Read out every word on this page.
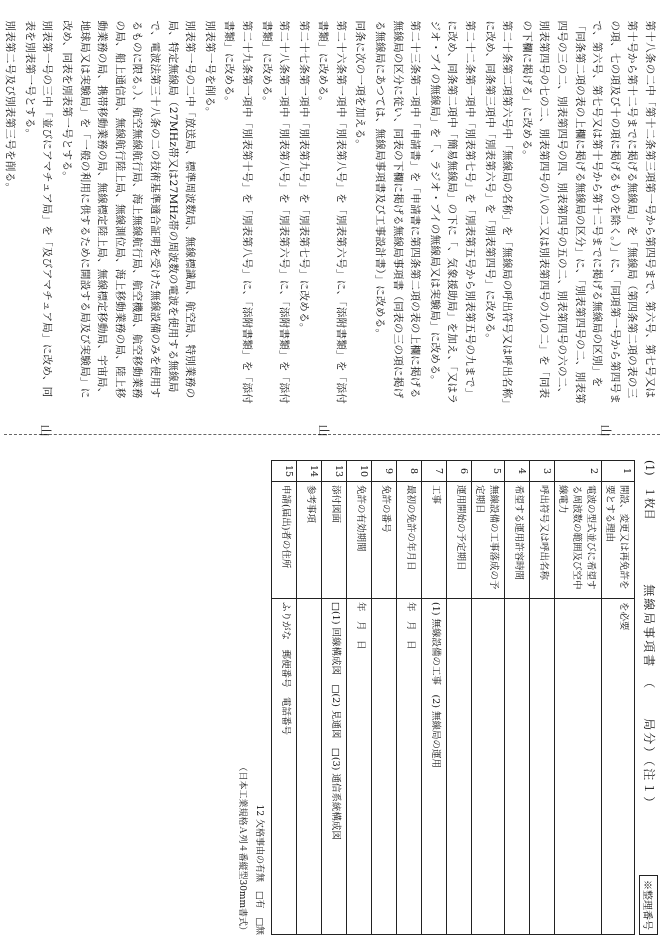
第十八条の二中「第十二条第三項第一号から第四号まで、第六号、第七号又は第十号から第十二号までに掲げる無線局」を「無線局（第四条第二項の表の三の項、七の項及び十の項に掲げるものを除く。）」に、「同項第一号から第四号まで、第六号、第七号又は第十号から第十二号までに掲げる無線局の区別」を「同条第二項の表の上欄に掲げる無線局の区分」に、「別表第四号の二、別表第四号の三の二、別表第四号の四、別表第四号の五の二、別表第四号の六の二、別表第四号の七の二、別表第四号の八の二又は別表第四号の九の二」を「同表の下欄に掲げる」に改める。

第二十条第二項第六号中「無線局の名称」を「無線局の呼出符号又は呼出名称」に改め、同条第三項中「別表第六号」を「別表第四号」に改める。

第二十二条第一項中「別表第七号」を「別表第五号から別表第五号の九まで」に改め、同条第二項中「簡易無線局」の下に「、気象援助局」を加え、「又はラジオ・ブイの無線局」を「、ラジオ・ブイの無線局又は実験局」に改める。

第二十三条第一項中「申請書」を「申請書に第四条第二項の表の上欄に掲げる無線局の区分に従い、同表の下欄に掲げる無線局事項書（同表の三の項に掲げる無線局にあつては、無線局事項書及び工事設計書）」に改める。

同条に次の一項を加える。

第二十六条第一項中「別表第八号」を「別表第六号」に、「添附書類」を「添付書類」に改める。

第二十七条第一項中「別表第九号」を「別表第七号」に改める。

第二十八条第一項中「別表第八号」を「別表第六号」に、「添附書類」を「添付書類」に改める。

第二十九条第一項中「別表第十号」を「別表第八号」に、「添附書類」を「添付書類」に改める。

別表第一号を削る。

別表第一号の二中「放送局、標準周波数局、無線標識局、航空局、特別業務の局、特定無線局（27MHz帯又は27MHz帯の周波数の電波を使用する無線局で、電波法第三十八条の二の技術基準適合証明を受けた無線設備のみを使用するものに限る。）、航空無線航行局、海上無線航行局、航空機局、航空移動業務の局、船上通信局、無線航行陸上局、無線測位局、海上移動業務の局、陸上移動業務の局、携帯移動業務の局、無線標定陸上局、無線標定移動局、宇宙局、地球局又は実験局」を「一般の利用に供するために開設する局及び実験局」に改め、同表を別表第一号とする。

別表第一号の三中「並びにアマチュア局」を「及びアマチュア局」に改め、同表を別表第一号とする。

別表第二号及び別表第三号を削る。

山	山	山
(1)　１枚目
無線局事項書　（　　局分）（注１）
※整理番号
1	開設、変更又は再免許を要とする理由	を必要
2	電波の型式並びに希望する周波数の範囲及び空中線電力	
3	呼出符号又は呼出名称	
4	希望する運用許容時間	
5	無線設備の工事落成の予定期日	
6	運用開始の予定期日	
7	工事	(1) 無線設備の工事　(2) 無線局の運用
8	最初の免許の年月日	年　月　日
9	免許の番号	
10	免許の有効期間	年　月　日
13	添付図面	□(1) 回線構成図　□(2) 見通図　□(3) 通信系統構成図
14	参考事項	
15	申請(届出)者の住所	ふりがな　郵便番号　電話番号
12 欠格事由の有無　□有　□無
（日本工業規格Ａ列４番縦型30mm書式）
